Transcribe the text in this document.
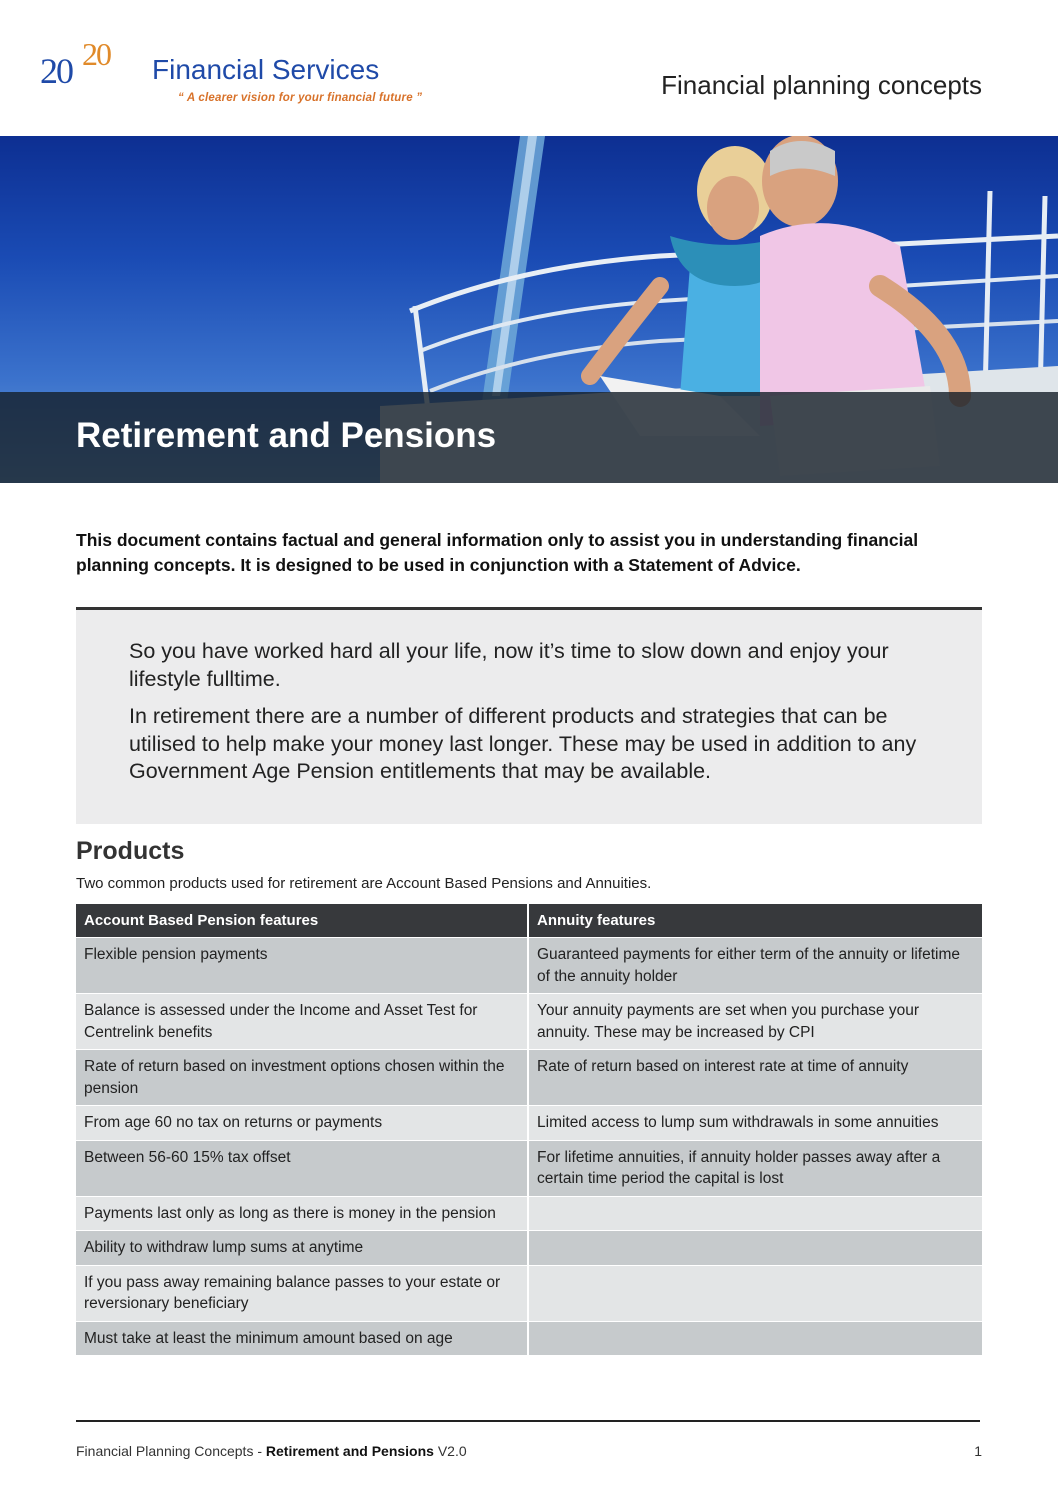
20 20 Financial Services
“ A clearer vision for your financial future ”	Financial planning concepts
Retirement and Pensions
This document contains factual and general information only to assist you in understanding financial planning concepts. It is designed to be used in conjunction with a Statement of Advice.

So you have worked hard all your life, now it’s time to slow down and enjoy your lifestyle fulltime.

In retirement there are a number of different products and strategies that can be utilised to help make your money last longer. These may be used in addition to any Government Age Pension entitlements that may be available.

Products
Two common products used for retirement are Account Based Pensions and Annuities.
Account Based Pension features	Annuity features
Flexible pension payments	Guaranteed payments for either term of the annuity or lifetime of the annuity holder
Balance is assessed under the Income and Asset Test for Centrelink benefits	Your annuity payments are set when you purchase your annuity. These may be increased by CPI
Rate of return based on investment options chosen within the pension	Rate of return based on interest rate at time of annuity
From age 60 no tax on returns or payments	Limited access to lump sum withdrawals in some annuities
Between 56-60 15% tax offset	For lifetime annuities, if annuity holder passes away after a certain time period the capital is lost
Payments last only as long as there is money in the pension	
Ability to withdraw lump sums at anytime	
If you pass away remaining balance passes to your estate or reversionary beneficiary	
Must take at least the minimum amount based on age	
Financial Planning Concepts - Retirement and Pensions V2.0	1
